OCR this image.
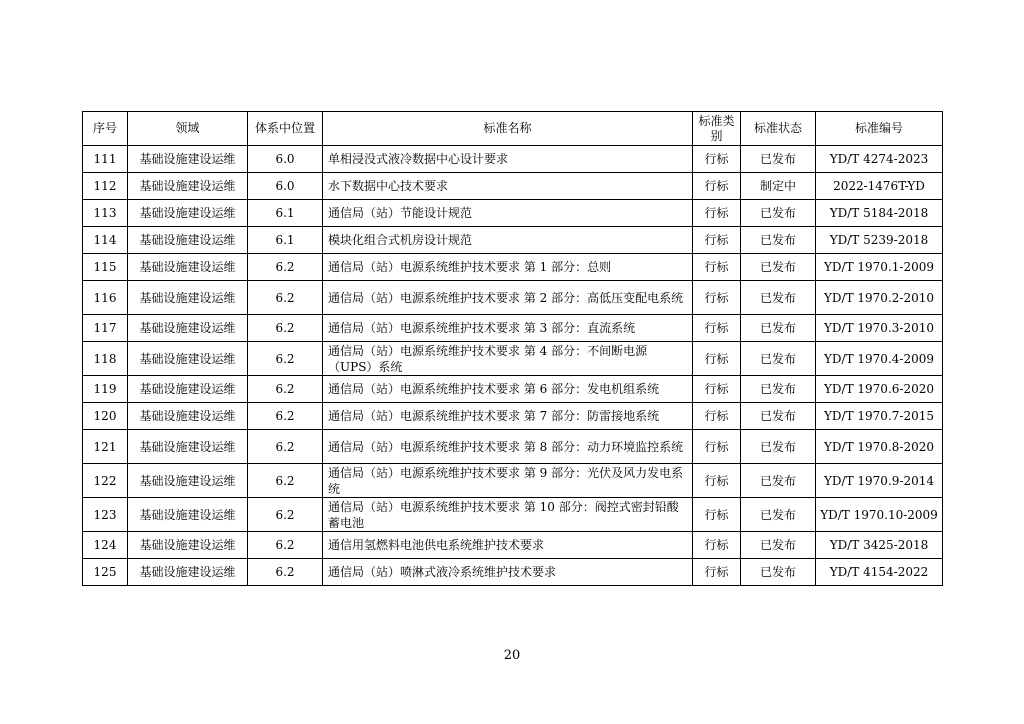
序号	领域	体系中位置	标准名称	标准类别	标准状态	标准编号
111	基础设施建设运维	6.0	单相浸没式液冷数据中心设计要求	行标	已发布	YD/T 4274-2023
112	基础设施建设运维	6.0	水下数据中心技术要求	行标	制定中	2022-1476T-YD
113	基础设施建设运维	6.1	通信局（站）节能设计规范	行标	已发布	YD/T 5184-2018
114	基础设施建设运维	6.1	模块化组合式机房设计规范	行标	已发布	YD/T 5239-2018
115	基础设施建设运维	6.2	通信局（站）电源系统维护技术要求 第 1 部分：总则	行标	已发布	YD/T 1970.1-2009
116	基础设施建设运维	6.2	通信局（站）电源系统维护技术要求 第 2 部分：高低压变配电系统	行标	已发布	YD/T 1970.2-2010
117	基础设施建设运维	6.2	通信局（站）电源系统维护技术要求 第 3 部分：直流系统	行标	已发布	YD/T 1970.3-2010
118	基础设施建设运维	6.2	通信局（站）电源系统维护技术要求 第 4 部分：不间断电源（UPS）系统	行标	已发布	YD/T 1970.4-2009
119	基础设施建设运维	6.2	通信局（站）电源系统维护技术要求 第 6 部分：发电机组系统	行标	已发布	YD/T 1970.6-2020
120	基础设施建设运维	6.2	通信局（站）电源系统维护技术要求 第 7 部分：防雷接地系统	行标	已发布	YD/T 1970.7-2015
121	基础设施建设运维	6.2	通信局（站）电源系统维护技术要求 第 8 部分：动力环境监控系统	行标	已发布	YD/T 1970.8-2020
122	基础设施建设运维	6.2	通信局（站）电源系统维护技术要求 第 9 部分：光伏及风力发电系统	行标	已发布	YD/T 1970.9-2014
123	基础设施建设运维	6.2	通信局（站）电源系统维护技术要求 第 10 部分：阀控式密封铅酸蓄电池	行标	已发布	YD/T 1970.10-2009
124	基础设施建设运维	6.2	通信用氢燃料电池供电系统维护技术要求	行标	已发布	YD/T 3425-2018
125	基础设施建设运维	6.2	通信局（站）喷淋式液冷系统维护技术要求	行标	已发布	YD/T 4154-2022
20
